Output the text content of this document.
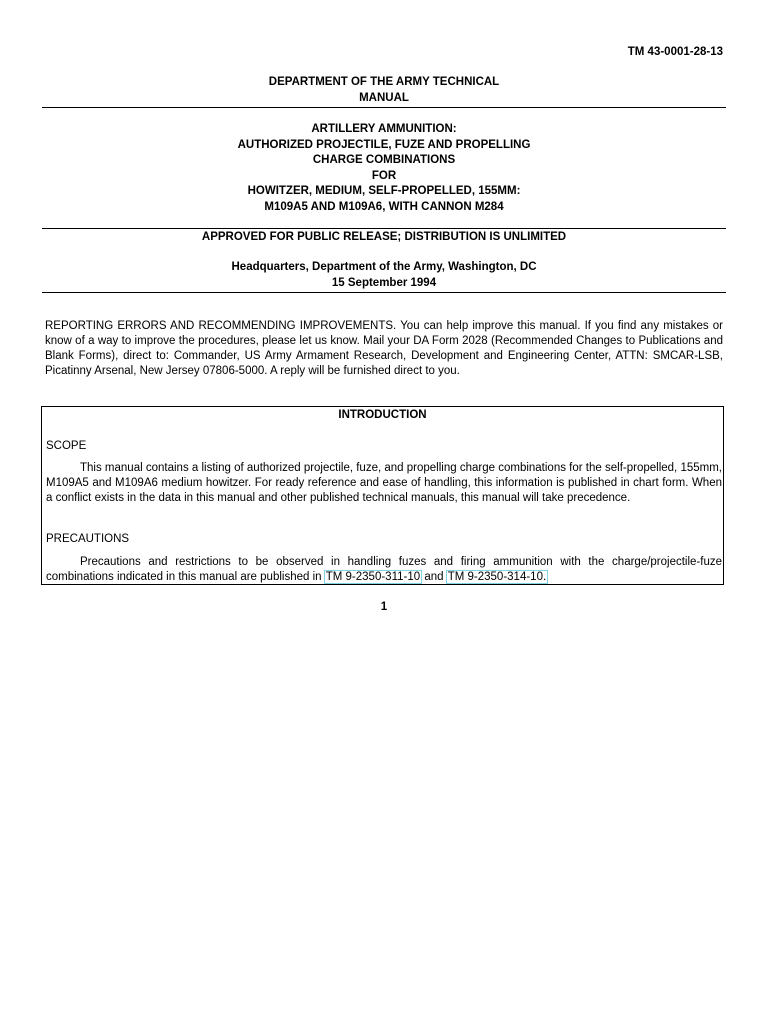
TM 43-0001-28-13
DEPARTMENT OF THE ARMY TECHNICAL
MANUAL
ARTILLERY AMMUNITION:
AUTHORIZED PROJECTILE, FUZE AND PROPELLING
CHARGE COMBINATIONS
FOR
HOWITZER, MEDIUM, SELF-PROPELLED, 155MM:
M109A5 AND M109A6, WITH CANNON M284
APPROVED FOR PUBLIC RELEASE; DISTRIBUTION IS UNLIMITED
Headquarters, Department of the Army, Washington, DC
15 September 1994
REPORTING ERRORS AND RECOMMENDING IMPROVEMENTS. You can help improve this manual. If you find any mistakes or know of a way to improve the procedures, please let us know. Mail your DA Form 2028 (Recommended Changes to Publications and Blank Forms), direct to: Commander, US Army Armament Research, Development and Engineering Center, ATTN: SMCAR-LSB, Picatinny Arsenal, New Jersey 07806-5000. A reply will be furnished direct to you.
INTRODUCTION
SCOPE
This manual contains a listing of authorized projectile, fuze, and propelling charge combinations for the self-propelled, 155mm, M109A5 and M109A6 medium howitzer. For ready reference and ease of handling, this information is published in chart form. When a conflict exists in the data in this manual and other published technical manuals, this manual will take precedence.
PRECAUTIONS
Precautions and restrictions to be observed in handling fuzes and firing ammunition with the charge/projectile-fuze combinations indicated in this manual are published in TM 9-2350-311-10 and TM 9-2350-314-10.
1
